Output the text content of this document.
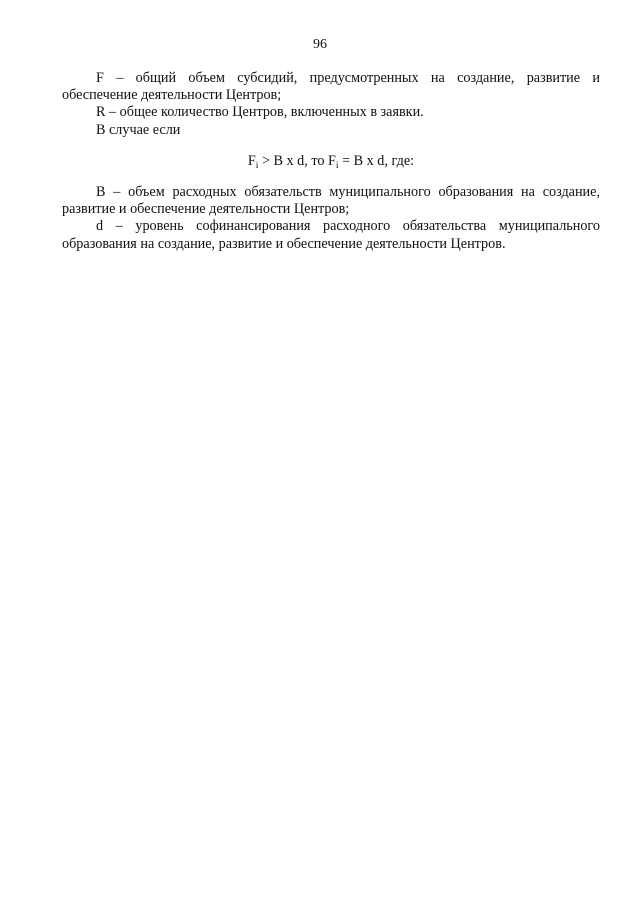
96

F – общий объем субсидий, предусмотренных на создание, развитие и обеспечение деятельности Центров;

R – общее количество Центров, включенных в заявки.

В случае если

$F_i > B$ x d, то $F_i = B$ x d, где:

B – объем расходных обязательств муниципального образования на создание, развитие и обеспечение деятельности Центров;

d – уровень софинансирования расходного обязательства муниципального образования на создание, развитие и обеспечение деятельности Центров.
